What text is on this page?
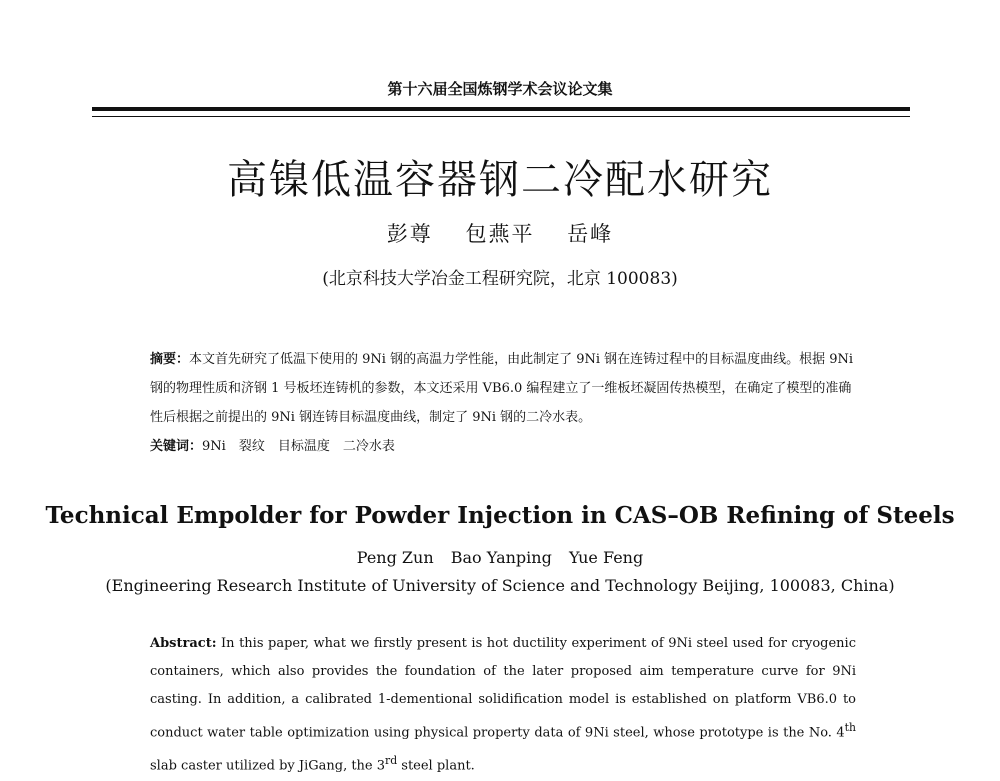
第十六届全国炼钢学术会议论文集
高镍低温容器钢二冷配水研究
彭尊 包燕平 岳峰
(北京科技大学冶金工程研究院，北京 100083)

摘要：本文首先研究了低温下使用的 9Ni 钢的高温力学性能，由此制定了 9Ni 钢在连铸过程中的目标温度曲线。根据 9Ni 钢的物理性质和济钢 1 号板坯连铸机的参数，本文还采用 VB6.0 编程建立了一维板坯凝固传热模型，在确定了模型的准确性后根据之前提出的 9Ni 钢连铸目标温度曲线，制定了 9Ni 钢的二冷水表。

关键词：9Ni　裂纹　目标温度　二冷水表

Technical Empolder for Powder Injection in CAS–OB Refining of Steels
Peng Zun Bao Yanping Yue Feng
(Engineering Research Institute of University of Science and Technology Beijing, 100083, China)

Abstract: In this paper, what we firstly present is hot ductility experiment of 9Ni steel used for cryogenic containers, which also provides the foundation of the later proposed aim temperature curve for 9Ni casting. In addition, a calibrated 1-dementional solidification model is established on platform VB6.0 to conduct water table optimization using physical property data of 9Ni steel, whose prototype is the No. 4th slab caster utilized by JiGang, the 3rd steel plant.
